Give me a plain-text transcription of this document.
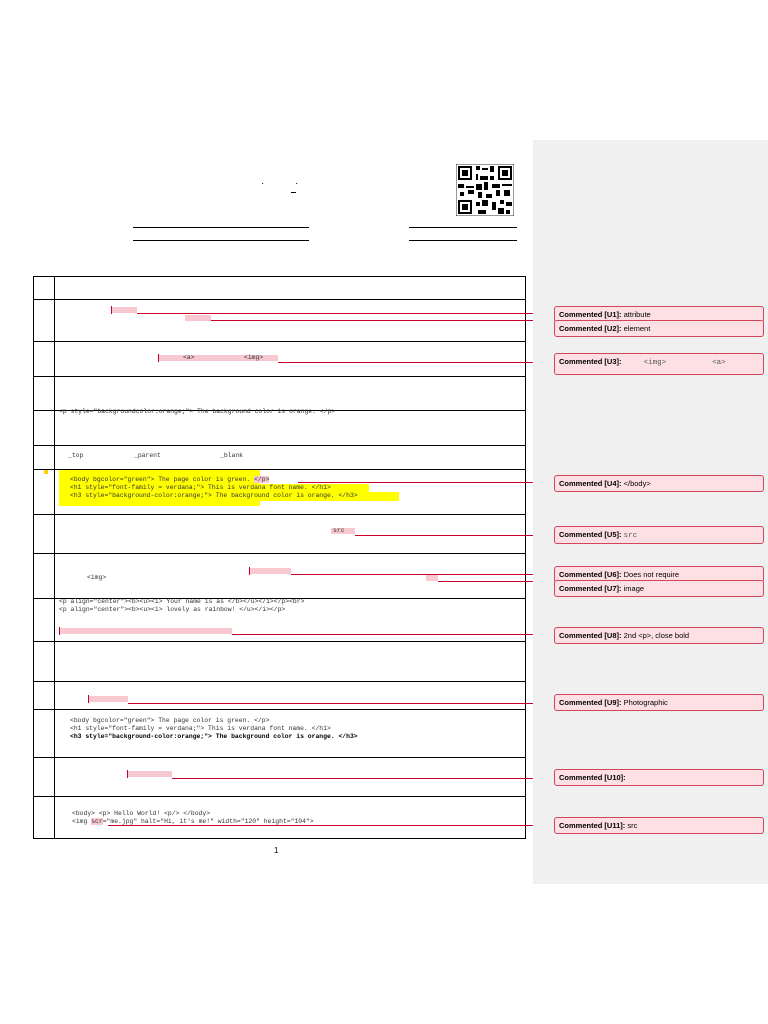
·	·

<a>	<img>
<p style="backgroundcolor:orange;"> The background color is orange. </p>
_top	_parent	_blank
<body bgcolor="green"> The page color is green. </p>
<h1 style="font-family = verdana;"> This is verdana font name. </h1>
<h3 style="background-color:orange;"> The background color is orange. </h3>
src
<img>
<p align="center"><b><u><i> Your name is as </b></u></i></p><br>
<p align="center"><b><u><i> lovely as rainbow! </u></i></p>
<body bgcolor="green"> The page color is green. </p>
<h1 style="font-family = verdana;"> This is verdana font name. </h1>
<h3 style="background-color:orange;"> The background color is orange. </h3>
<body> <p> Hello World! <p/> </body>
<img scr="me.jpg" halt="Hi, it's me!" width="120" height="104">
1
Commented [U1]: attribute
Commented [U2]: element
Commented [U3]:	<img>	<a>
Commented [U4]: </body>
Commented [U5]: src
Commented [U6]: Does not require
Commented [U7]: image
Commented [U8]: 2nd <p>, close bold
Commented [U9]: Photographic
Commented [U10]:
Commented [U11]: src
